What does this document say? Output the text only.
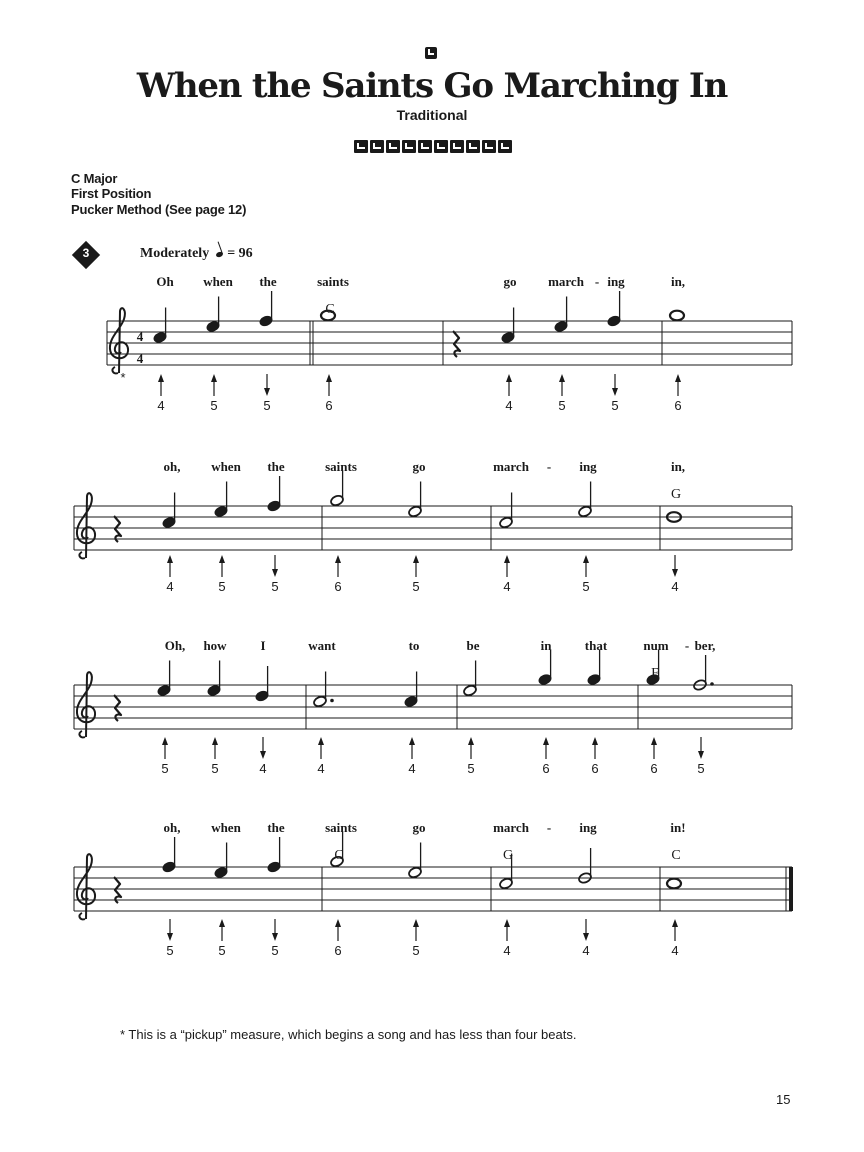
When the Saints Go Marching In
Traditional
C Major
First Position
Pucker Method (See page 12)
3	Moderately = 96
4
4
*
4	5	5	6	4	5	5	6
Oh when the	saints	go march - ing	in,
C
4	5	5	6	5	4	5	4
oh, when the	saints	go	march - ing	in,
G
5	5	4	4	4	5	6	6	6	5
Oh, how	I	want	to	be	in	that	num - ber,
F
5	5	5	6	5	4	4	4
oh, when the	saints	go	march - ing	in!
C	G	C
* This is a “pickup” measure, which begins a song and has less than four beats.
15
